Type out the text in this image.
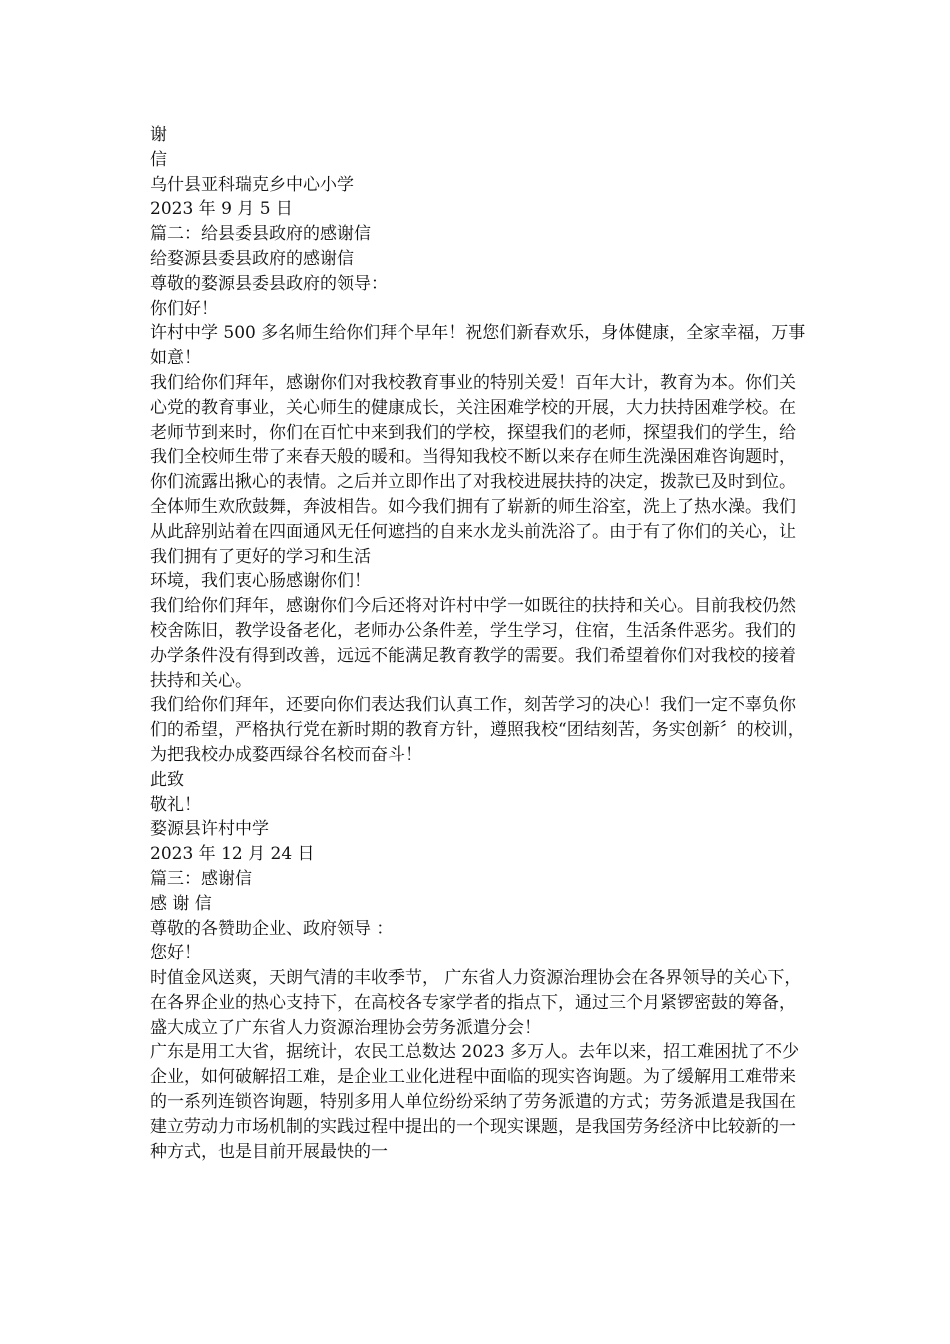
谢

信

乌什县亚科瑞克乡中心小学

2023 年 9 月 5 日

篇二：给县委县政府的感谢信

给婺源县委县政府的感谢信

尊敬的婺源县委县政府的领导：

你们好！

许村中学 500 多名师生给你们拜个早年！祝您们新春欢乐，身体健康，全家幸福，万事如意！

我们给你们拜年，感谢你们对我校教育事业的特别关爱！百年大计，教育为本。你们关心党的教育事业，关心师生的健康成长，关注困难学校的开展，大力扶持困难学校。在老师节到来时，你们在百忙中来到我们的学校，探望我们的老师，探望我们的学生，给我们全校师生带了来春天般的暖和。当得知我校不断以来存在师生洗澡困难咨询题时，你们流露出揪心的表情。之后并立即作出了对我校进展扶持的决定，拨款已及时到位。全体师生欢欣鼓舞，奔波相告。如今我们拥有了崭新的师生浴室，洗上了热水澡。我们从此辞别站着在四面通风无任何遮挡的自来水龙头前洗浴了。由于有了你们的关心，让我们拥有了更好的学习和生活

环境，我们衷心肠感谢你们！

我们给你们拜年，感谢你们今后还将对许村中学一如既往的扶持和关心。目前我校仍然校舍陈旧，教学设备老化，老师办公条件差，学生学习，住宿，生活条件恶劣。我们的办学条件没有得到改善，远远不能满足教育教学的需要。我们希望着你们对我校的接着扶持和关心。

我们给你们拜年，还要向你们表达我们认真工作，刻苦学习的决心！我们一定不辜负你们的希望，严格执行党在新时期的教育方针，遵照我校“团结刻苦，务实创新〞的校训，为把我校办成婺西绿谷名校而奋斗！

此致

敬礼！

婺源县许村中学

2023 年 12 月 24 日

篇三：感谢信

感 谢 信

尊敬的各赞助企业、政府领导 ：

您好！

时值金风送爽，天朗气清的丰收季节， 广东省人力资源治理协会在各界领导的关心下，在各界企业的热心支持下，在高校各专家学者的指点下，通过三个月紧锣密鼓的筹备，盛大成立了广东省人力资源治理协会劳务派遣分会！

广东是用工大省，据统计，农民工总数达 2023 多万人。去年以来，招工难困扰了不少企业，如何破解招工难，是企业工业化进程中面临的现实咨询题。为了缓解用工难带来的一系列连锁咨询题，特别多用人单位纷纷采纳了劳务派遣的方式；劳务派遣是我国在建立劳动力市场机制的实践过程中提出的一个现实课题，是我国劳务经济中比较新的一种方式，也是目前开展最快的一
